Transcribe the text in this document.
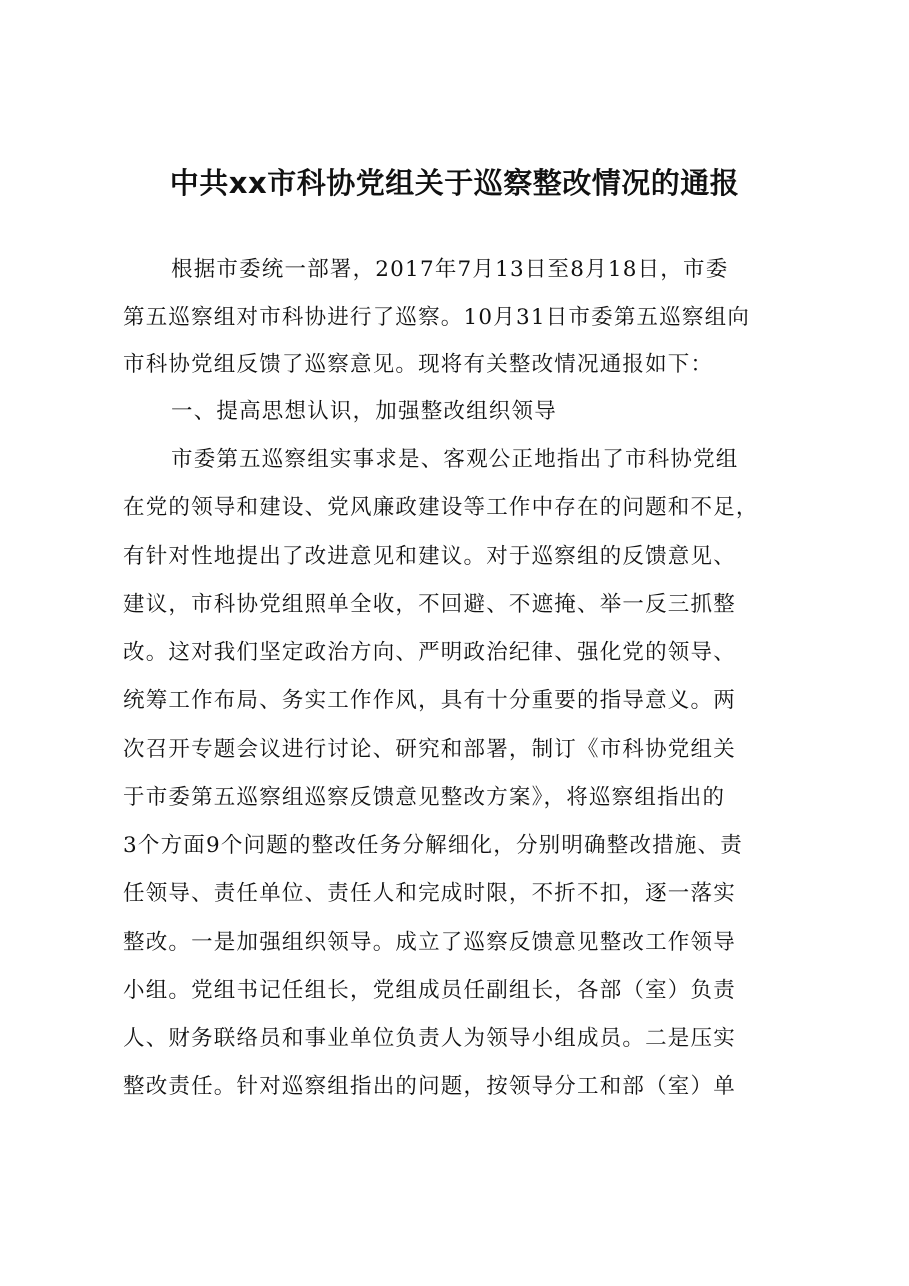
中共xx市科协党组关于巡察整改情况的通报
根据市委统一部署，2017年7月13日至8月18日，市委
第五巡察组对市科协进行了巡察。10月31日市委第五巡察组向
市科协党组反馈了巡察意见。现将有关整改情况通报如下：
一、提高思想认识，加强整改组织领导
市委第五巡察组实事求是、客观公正地指出了市科协党组
在党的领导和建设、党风廉政建设等工作中存在的问题和不足，
有针对性地提出了改进意见和建议。对于巡察组的反馈意见、
建议，市科协党组照单全收，不回避、不遮掩、举一反三抓整
改。这对我们坚定政治方向、严明政治纪律、强化党的领导、
统筹工作布局、务实工作作风，具有十分重要的指导意义。两
次召开专题会议进行讨论、研究和部署，制订《市科协党组关
于市委第五巡察组巡察反馈意见整改方案》，将巡察组指出的
3个方面9个问题的整改任务分解细化，分别明确整改措施、责
任领导、责任单位、责任人和完成时限，不折不扣，逐一落实
整改。一是加强组织领导。成立了巡察反馈意见整改工作领导
小组。党组书记任组长，党组成员任副组长，各部（室）负责
人、财务联络员和事业单位负责人为领导小组成员。二是压实
整改责任。针对巡察组指出的问题，按领导分工和部（室）单
